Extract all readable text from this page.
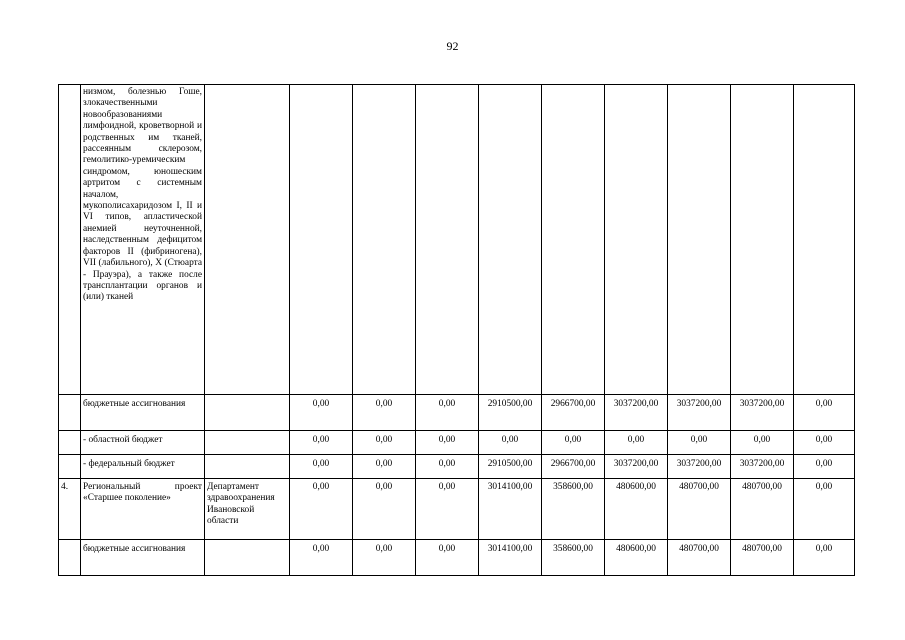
92
	низмом, болезнью Гоше, злокачественными новообразованиями лимфоидной, кроветворной и родственных им тканей, рассеянным склерозом, гемолитико-уремическим синдромом, юношеским артритом с системным началом, мукополисахаридозом I, II и VI типов, апластической анемией неуточненной, наследственным дефицитом факторов II (фибриногена), VII (лабильного), X (Стюарта - Прауэра), а также после трансплантации органов и (или) тканей										
	бюджетные ассигнования		0,00	0,00	0,00	2910500,00	2966700,00	3037200,00	3037200,00	3037200,00	0,00
	- областной бюджет		0,00	0,00	0,00	0,00	0,00	0,00	0,00	0,00	0,00
	- федеральный бюджет		0,00	0,00	0,00	2910500,00	2966700,00	3037200,00	3037200,00	3037200,00	0,00
4.	Региональный проект «Старшее поколение»	Департамент здравоохранения Ивановской области	0,00	0,00	0,00	3014100,00	358600,00	480600,00	480700,00	480700,00	0,00
	бюджетные ассигнования		0,00	0,00	0,00	3014100,00	358600,00	480600,00	480700,00	480700,00	0,00
